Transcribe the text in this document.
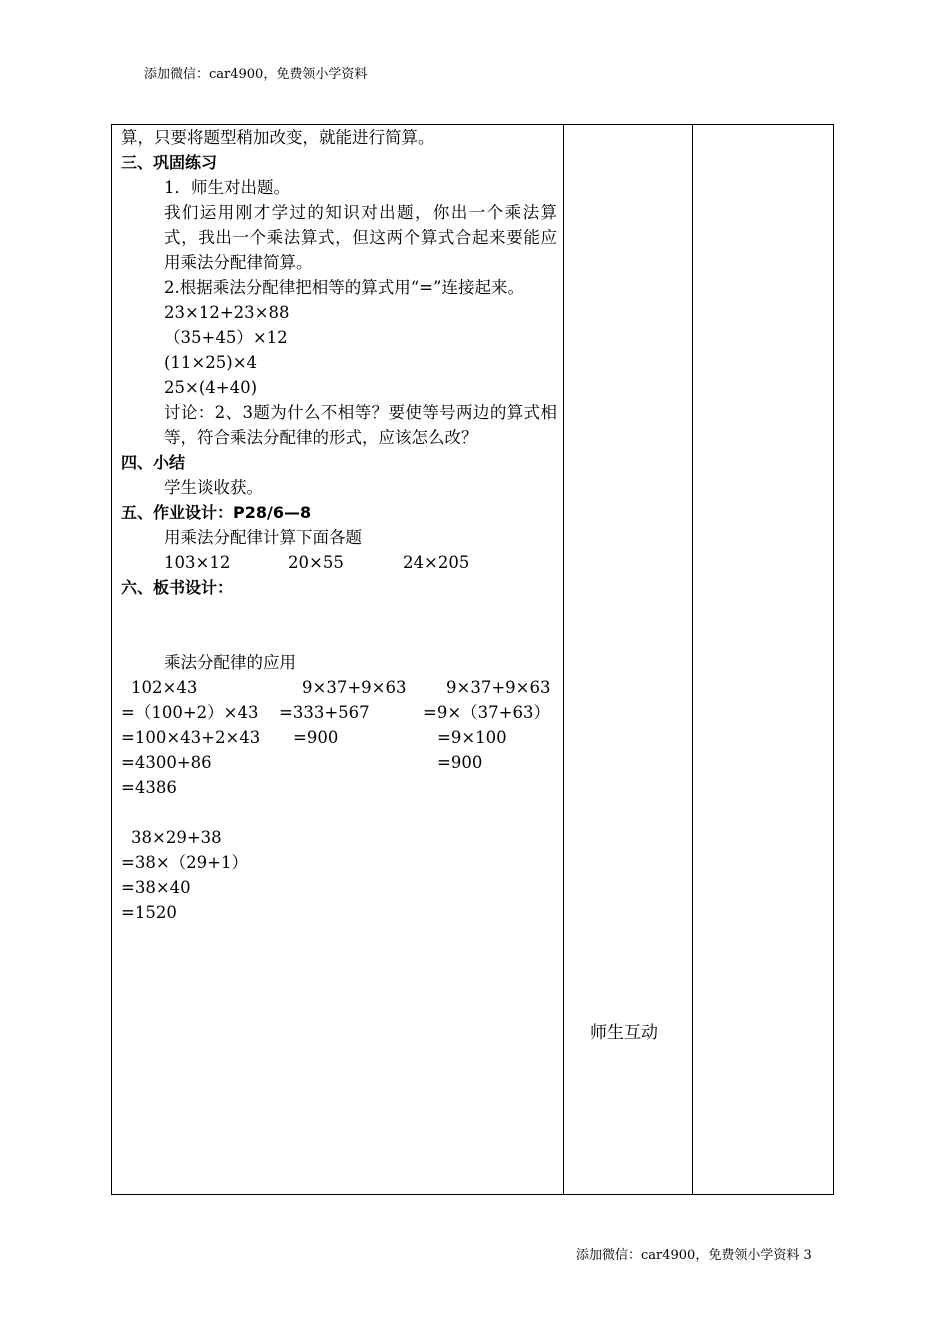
添加微信：car4900，免费领小学资料
算，只要将题型稍加改变，就能进行简算。
三、巩固练习
1．师生对出题。
我们运用刚才学过的知识对出题，你出一个乘法算式，我出一个乘法算式，但这两个算式合起来要能应用乘法分配律简算。
2.根据乘法分配律把相等的算式用“=”连接起来。
23×12+23×88
（35+45）×12
(11×25)×4
25×(4+40)
讨论：2、3题为什么不相等？要使等号两边的算式相等，符合乘法分配律的形式，应该怎么改？
四、小结
学生谈收获。
五、作业设计：P28/6—8
用乘法分配律计算下面各题
103×12	20×55	24×205
六、板书设计：
乘法分配律的应用
102×43	9×37+9×63 9×37+9×63
=（100+2）×43 =333+567	=9×（37+63）
=100×43+2×43 =900	=9×100
=4300+86	=900
=4386
38×29+38
=38×（29+1）
=38×40
=1520
师生互动
添加微信：car4900，免费领小学资料 3
